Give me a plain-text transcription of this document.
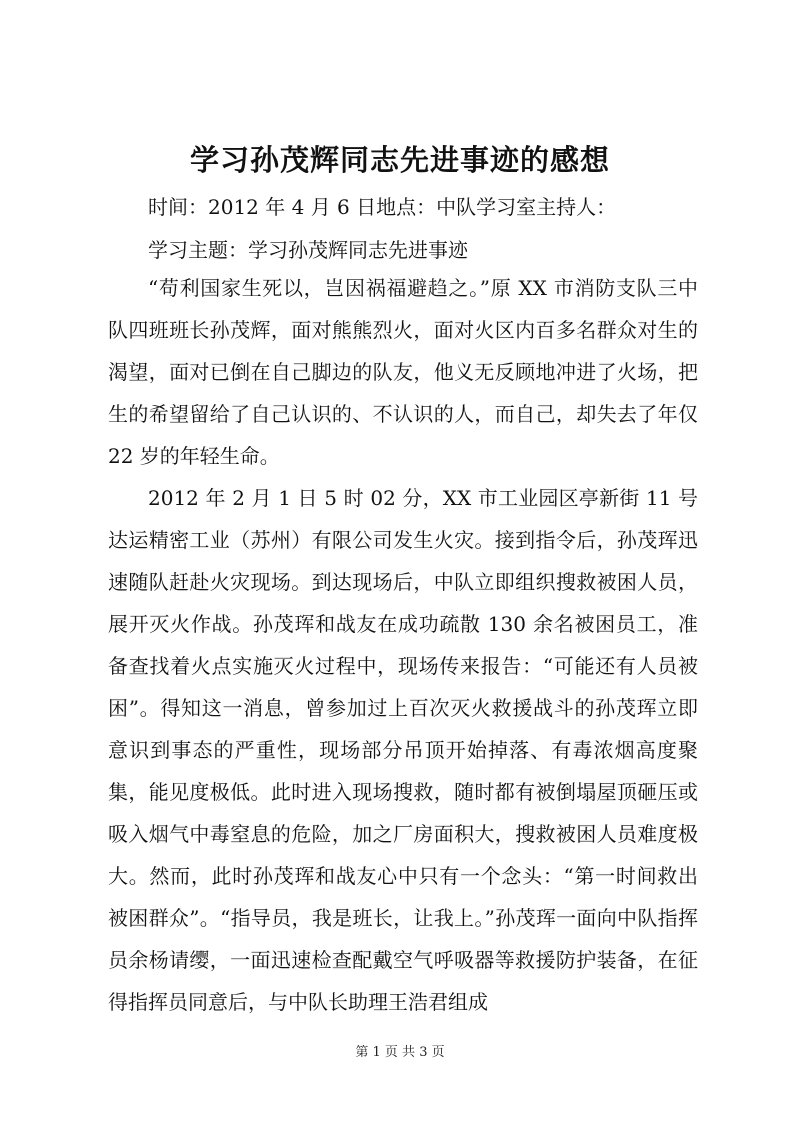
学习孙茂辉同志先进事迹的感想
时间：2012 年 4 月 6 日地点：中队学习室主持人：
学习主题：学习孙茂辉同志先进事迹

“苟利国家生死以，岂因祸福避趋之。”原 XX 市消防支队三中队四班班长孙茂辉，面对熊熊烈火，面对火区内百多名群众对生的渴望，面对已倒在自己脚边的队友，他义无反顾地冲进了火场，把生的希望留给了自己认识的、不认识的人，而自己，却失去了年仅 22 岁的年轻生命。

2012 年 2 月 1 日 5 时 02 分，XX 市工业园区亭新街 11 号达运精密工业（苏州）有限公司发生火灾。接到指令后，孙茂珲迅速随队赶赴火灾现场。到达现场后，中队立即组织搜救被困人员，展开灭火作战。孙茂珲和战友在成功疏散 130 余名被困员工，准备查找着火点实施灭火过程中，现场传来报告：“可能还有人员被困”。得知这一消息，曾参加过上百次灭火救援战斗的孙茂珲立即意识到事态的严重性，现场部分吊顶开始掉落、有毒浓烟高度聚集，能见度极低。此时进入现场搜救，随时都有被倒塌屋顶砸压或吸入烟气中毒窒息的危险，加之厂房面积大，搜救被困人员难度极大。然而，此时孙茂珲和战友心中只有一个念头：“第一时间救出被困群众”。“指导员，我是班长，让我上。”孙茂珲一面向中队指挥员余杨请缨，一面迅速检查配戴空气呼吸器等救援防护装备，在征得指挥员同意后，与中队长助理王浩君组成

第 1 页 共 3 页
